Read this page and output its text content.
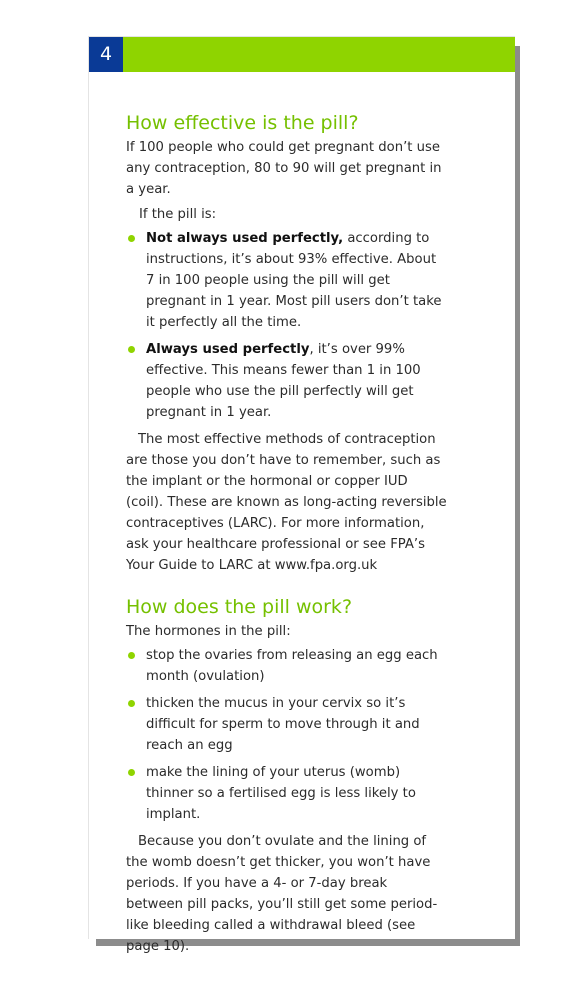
4
How effective is the pill?

If 100 people who could get pregnant don’t use any contraception, 80 to 90 will get pregnant in a year.

If the pill is:

Not always used perfectly, according to instructions, it’s about 93% effective. About 7 in 100 people using the pill will get pregnant in 1 year. Most pill users don’t take it perfectly all the time.
Always used perfectly, it’s over 99% effective. This means fewer than 1 in 100 people who use the pill perfectly will get pregnant in 1 year.

The most effective methods of contraception are those you don’t have to remember, such as the implant or the hormonal or copper IUD (coil). These are known as long-acting reversible contraceptives (LARC). For more information, ask your healthcare professional or see FPA’s Your Guide to LARC at www.fpa.org.uk

How does the pill work?

The hormones in the pill:

stop the ovaries from releasing an egg each month (ovulation)
thicken the mucus in your cervix so it’s difficult for sperm to move through it and reach an egg
make the lining of your uterus (womb) thinner so a fertilised egg is less likely to implant.

Because you don’t ovulate and the lining of the womb doesn’t get thicker, you won’t have periods. If you have a 4- or 7-day break between pill packs, you’ll still get some period-like bleeding called a withdrawal bleed (see page 10).
